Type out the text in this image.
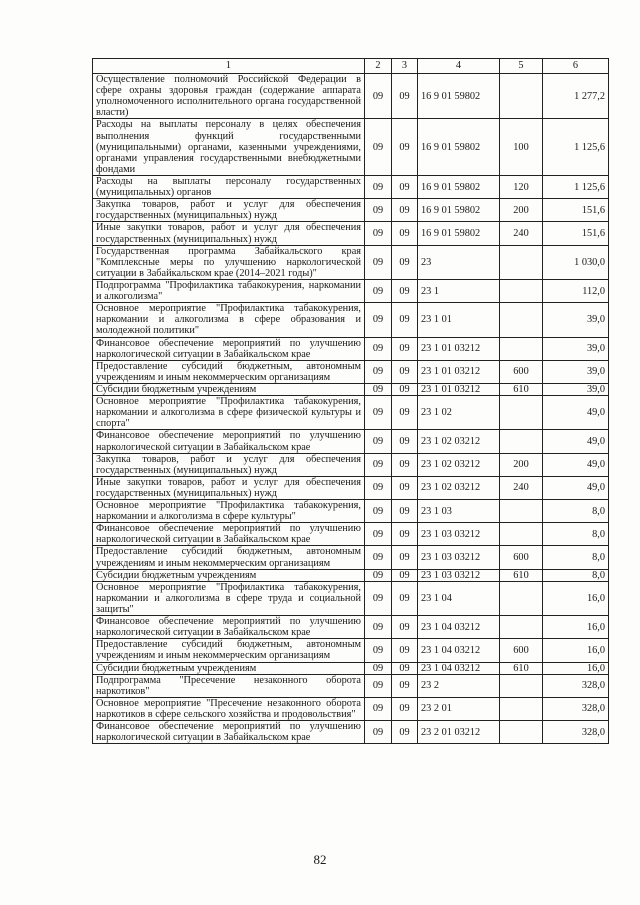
1	2	3	4	5	6
Осуществление полномочий Российской Федерации в сфере охраны здоровья граждан (содержание аппарата уполномоченного исполнительного органа государственной власти)	09	09	16 9 01 59802		1 277,2
Расходы на выплаты персоналу в целях обеспечения выполнения функций государственными (муниципальными) органами, казенными учреждениями, органами управления государственными внебюджетными фондами	09	09	16 9 01 59802	100	1 125,6
Расходы на выплаты персоналу государственных (муниципальных) органов	09	09	16 9 01 59802	120	1 125,6
Закупка товаров, работ и услуг для обеспечения государственных (муниципальных) нужд	09	09	16 9 01 59802	200	151,6
Иные закупки товаров, работ и услуг для обеспечения государственных (муниципальных) нужд	09	09	16 9 01 59802	240	151,6
Государственная программа Забайкальского края "Комплексные меры по улучшению наркологической ситуации в Забайкальском крае (2014–2021 годы)"	09	09	23		1 030,0
Подпрограмма "Профилактика табакокурения, наркомании и алкоголизма"	09	09	23 1		112,0
Основное мероприятие "Профилактика табакокурения, наркомании и алкоголизма в сфере образования и молодежной политики"	09	09	23 1 01		39,0
Финансовое обеспечение мероприятий по улучшению наркологической ситуации в Забайкальском крае	09	09	23 1 01 03212		39,0
Предоставление субсидий бюджетным, автономным учреждениям и иным некоммерческим организациям	09	09	23 1 01 03212	600	39,0
Субсидии бюджетным учреждениям	09	09	23 1 01 03212	610	39,0
Основное мероприятие "Профилактика табакокурения, наркомании и алкоголизма в сфере физической культуры и спорта"	09	09	23 1 02		49,0
Финансовое обеспечение мероприятий по улучшению наркологической ситуации в Забайкальском крае	09	09	23 1 02 03212		49,0
Закупка товаров, работ и услуг для обеспечения государственных (муниципальных) нужд	09	09	23 1 02 03212	200	49,0
Иные закупки товаров, работ и услуг для обеспечения государственных (муниципальных) нужд	09	09	23 1 02 03212	240	49,0
Основное мероприятие "Профилактика табакокурения, наркомании и алкоголизма в сфере культуры"	09	09	23 1 03		8,0
Финансовое обеспечение мероприятий по улучшению наркологической ситуации в Забайкальском крае	09	09	23 1 03 03212		8,0
Предоставление субсидий бюджетным, автономным учреждениям и иным некоммерческим организациям	09	09	23 1 03 03212	600	8,0
Субсидии бюджетным учреждениям	09	09	23 1 03 03212	610	8,0
Основное мероприятие "Профилактика табакокурения, наркомании и алкоголизма в сфере труда и социальной защиты"	09	09	23 1 04		16,0
Финансовое обеспечение мероприятий по улучшению наркологической ситуации в Забайкальском крае	09	09	23 1 04 03212		16,0
Предоставление субсидий бюджетным, автономным учреждениям и иным некоммерческим организациям	09	09	23 1 04 03212	600	16,0
Субсидии бюджетным учреждениям	09	09	23 1 04 03212	610	16,0
Подпрограмма "Пресечение незаконного оборота наркотиков"	09	09	23 2		328,0
Основное мероприятие "Пресечение незаконного оборота наркотиков в сфере сельского хозяйства и продовольствия"	09	09	23 2 01		328,0
Финансовое обеспечение мероприятий по улучшению наркологической ситуации в Забайкальском крае	09	09	23 2 01 03212		328,0
82
